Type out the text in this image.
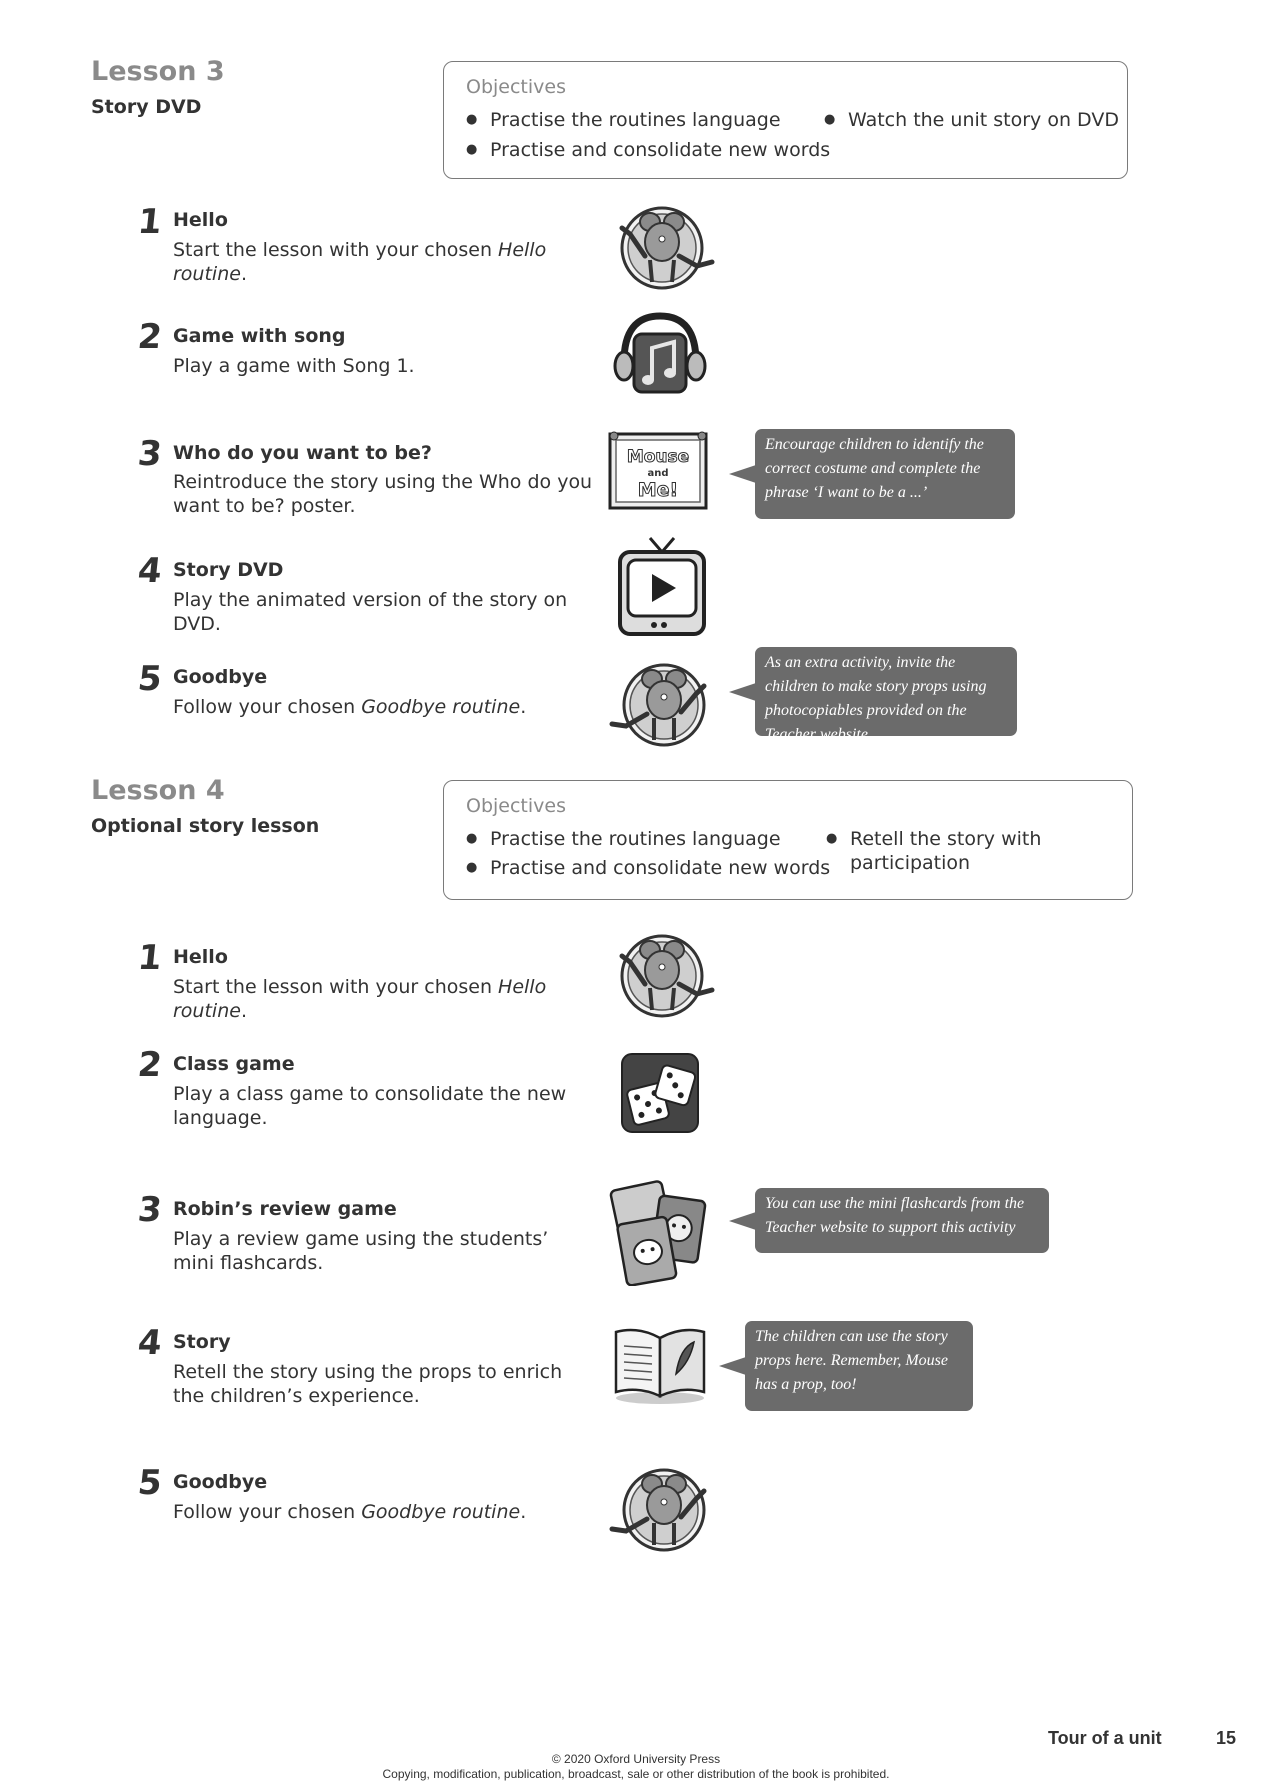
Lesson 3
Story DVD
Objectives
● Practise the routines language
● Practise and consolidate new words
● Watch the unit story on DVD
1 Hello
Start the lesson with your chosen Hello routine.
2 Game with song
Play a game with Song 1.
3 Who do you want to be?
Reintroduce the story using the Who do you want to be? poster.
Mouse
and
Me!
Encourage children to identify the correct costume and complete the phrase ‘I want to be a ...’
4 Story DVD
Play the animated version of the story on DVD.
5 Goodbye
Follow your chosen Goodbye routine.
As an extra activity, invite the children to make story props using photocopiables provided on the Teacher website
Lesson 4
Optional story lesson
Objectives
● Practise the routines language
● Practise and consolidate new words
● Retell the story with participation
1 Hello
Start the lesson with your chosen Hello routine.
2 Class game
Play a class game to consolidate the new language.
3 Robin’s review game
Play a review game using the students’ mini flashcards.
You can use the mini flashcards from the Teacher website to support this activity
4 Story
Retell the story using the props to enrich the children’s experience.
The children can use the story props here. Remember, Mouse has a prop, too!
5 Goodbye
Follow your chosen Goodbye routine.
Tour of a unit	15
© 2020 Oxford University Press
Copying, modification, publication, broadcast, sale or other distribution of the book is prohibited.
